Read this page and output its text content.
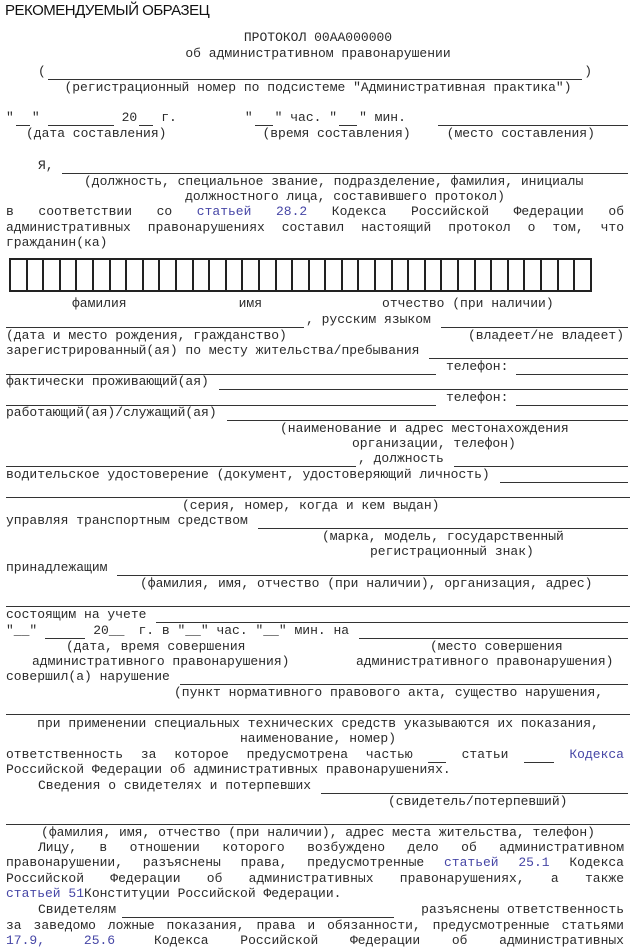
РЕКОМЕНДУЕМЫЙ ОБРАЗЕЦ
ПРОТОКОЛ 00АА000000
об административном правонарушении
(	)
(регистрационный номер по подсистеме "Административная практика")
" "	20 г.	" " час. " " мин.
(дата составления)	(время составления)	(место составления)
Я,
(должность, специальное звание, подразделение, фамилия, инициалы
должностного лица, составившего протокол)
в соответствии со статьей 28.2 Кодекса Российской Федерации об
административных правонарушениях составил настоящий протокол о том, что
гражданин(ка)
фамилия	имя	отчество (при наличии)
, русским языком
(дата и место рождения, гражданство)	(владеет/не владеет)
зарегистрированный(ая) по месту жительства/пребывания
телефон:
фактически проживающий(ая)
телефон:
работающий(ая)/служащий(ая)
(наименование и адрес местонахождения
организации, телефон)
, должность
водительское удостоверение (документ, удостоверяющий личность)
(серия, номер, когда и кем выдан)
управляя транспортным средством
(марка, модель, государственный
регистрационный знак)
принадлежащим
(фамилия, имя, отчество (при наличии), организация, адрес)
состоящим на учете
"__"	20__ г. в "__" час. "__" мин. на
(дата, время совершения	(место совершения
административного правонарушения)	административного правонарушения)
совершил(а) нарушение
(пункт нормативного правового акта, существо нарушения,
при применении специальных технических средств указываются их показания,
наименование, номер)
ответственность за которое предусмотрена частью	статьи	Кодекса
Российской Федерации об административных правонарушениях.
Сведения о свидетелях и потерпевших
(свидетель/потерпевший)
(фамилия, имя, отчество (при наличии), адрес места жительства, телефон)
Лицу, в отношении которого возбуждено дело об административном
правонарушении, разъяснены права, предусмотренные статьей 25.1 Кодекса
Российской Федерации об административных правонарушениях, а также
статьей 51 Конституции Российской Федерации.
Свидетелям	разъяснены ответственность
за заведомо ложные показания, права и обязанности, предусмотренные статьями
17.9,	25.6	Кодекса Российской Федерации об административных
